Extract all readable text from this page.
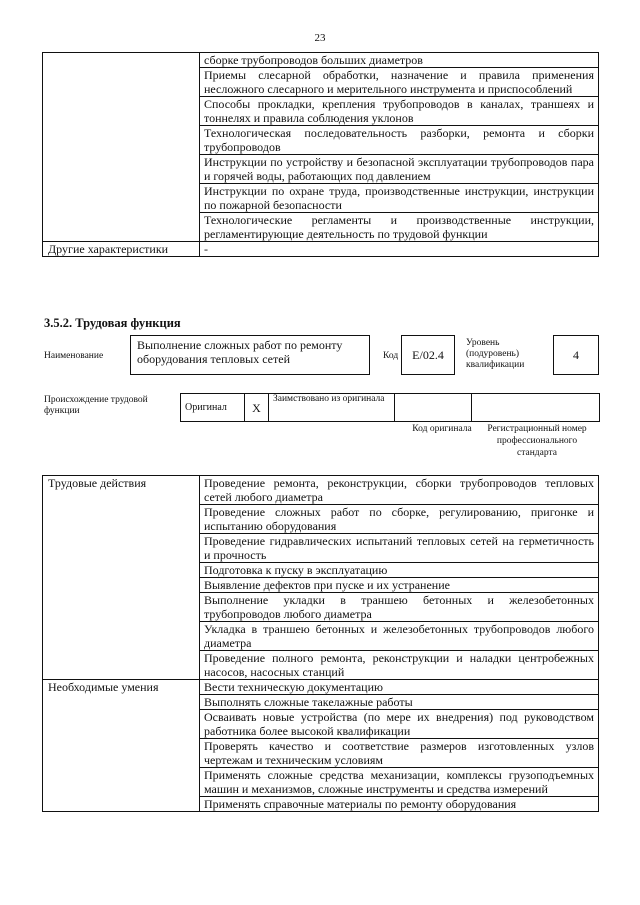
23
	сборке трубопроводов больших диаметров
	Приемы слесарной обработки, назначение и правила применения несложного слесарного и мерительного инструмента и приспособлений
	Способы прокладки, крепления трубопроводов в каналах, траншеях и тоннелях и правила соблюдения уклонов
	Технологическая последовательность разборки, ремонта и сборки трубопроводов
	Инструкции по устройству и безопасной эксплуатации трубопроводов пара и горячей воды, работающих под давлением
	Инструкции по охране труда, производственные инструкции, инструкции по пожарной безопасности
	Технологические регламенты и производственные инструкции, регламентирующие деятельность по трудовой функции
Другие характеристики	-
3.5.2. Трудовая функция
Наименование
Выполнение сложных работ по ремонту оборудования тепловых сетей	Код	E/02.4
Уровень (подуровень) квалификации
4
Происхождение трудовой функции	Оригинал	X	Заимствовано из оригинала		
Код оригинала	Регистрационный номер профессионального стандарта
Трудовые действия	Проведение ремонта, реконструкции, сборки трубопроводов тепловых сетей любого диаметра
	Проведение сложных работ по сборке, регулированию, пригонке и испытанию оборудования
	Проведение гидравлических испытаний тепловых сетей на герметичность и прочность
	Подготовка к пуску в эксплуатацию
	Выявление дефектов при пуске и их устранение
	Выполнение укладки в траншею бетонных и железобетонных трубопроводов любого диаметра
	Укладка в траншею бетонных и железобетонных трубопроводов любого диаметра
	Проведение полного ремонта, реконструкции и наладки центробежных насосов, насосных станций
Необходимые умения	Вести техническую документацию
	Выполнять сложные такелажные работы
	Осваивать новые устройства (по мере их внедрения) под руководством работника более высокой квалификации
	Проверять качество и соответствие размеров изготовленных узлов чертежам и техническим условиям
	Применять сложные средства механизации, комплексы грузоподъемных машин и механизмов, сложные инструменты и средства измерений
	Применять справочные материалы по ремонту оборудования
